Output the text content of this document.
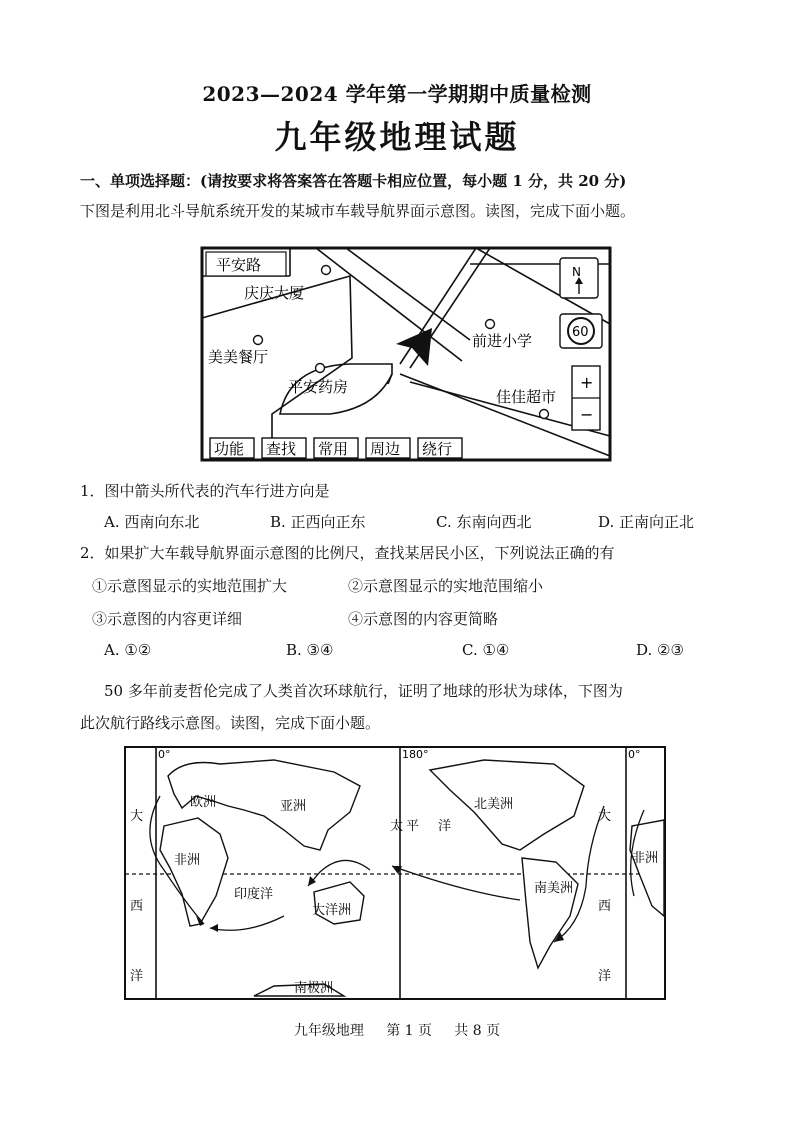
2023—2024 学年第一学期期中质量检测
九年级地理试题
一、单项选择题：(请按要求将答案答在答题卡相应位置，每小题 1 分，共 20 分)
下图是利用北斗导航系统开发的某城市车载导航界面示意图。读图，完成下面小题。
平安路
庆庆大厦
美美餐厅
平安药房
前进小学
佳佳超市
N
60
+
−
功能 查找 常用 周边 绕行
1．图中箭头所代表的汽车行进方向是
A. 西南向东北	B. 正西向正东	C. 东南向西北	D. 正南向正北
2．如果扩大车载导航界面示意图的比例尺，查找某居民小区，下列说法正确的有
①示意图显示的实地范围扩大	②示意图显示的实地范围缩小
③示意图的内容更详细	④示意图的内容更简略
A. ①②	B. ③④	C. ①④	D. ②③
50 多年前麦哲伦完成了人类首次环球航行，证明了地球的形状为球体，下图为
此次航行路线示意图。读图，完成下面小题。
0°	180°	0°
欧洲	亚洲	北美洲
非洲
南美洲
大洋洲
南极洲
非洲
太 平 洋
印度洋
大
西
洋
大
西
洋
九年级地理 第 1 页 共 8 页
